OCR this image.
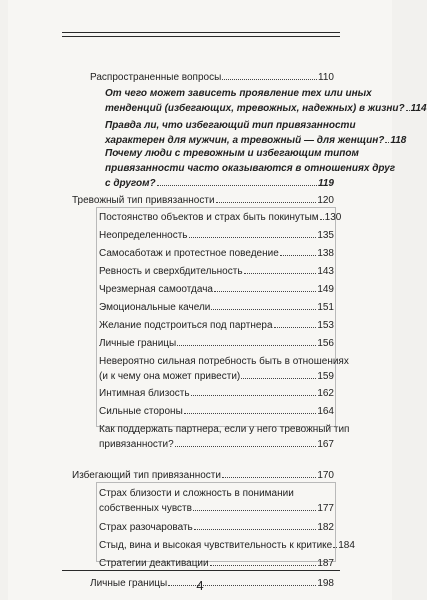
Распространенные вопросы	110
От чего может зависеть проявление тех или иных
тенденций (избегающих, тревожных, надежных) в жизни? 114
Правда ли, что избегающий тип привязанности
характерен для мужчин, а тревожный — для женщин? 118
Почему люди с тревожным и избегающим типом
привязанности часто оказываются в отношениях друг
с другом?	119
Тревожный тип привязанности	120
Постоянство объектов и страх быть покинутым 130
Неопределенность	135
Самосаботаж и протестное поведение	138
Ревность и сверхбдительность	143
Чрезмерная самоотдача	149
Эмоциональные качели	151
Желание подстроиться под партнера	153
Личные границы	156
Невероятно сильная потребность быть в отношениях
(и к чему она может привести)	159
Интимная близость	162
Сильные стороны	164
Как поддержать партнера, если у него тревожный тип
привязанности?	167
Избегающий тип привязанности	170
Страх близости и сложность в понимании
собственных чувств	177
Страх разочаровать	182
Стыд, вина и высокая чувствительность к критике 184
Стратегии деактивации	187
Личные границы	198
4
